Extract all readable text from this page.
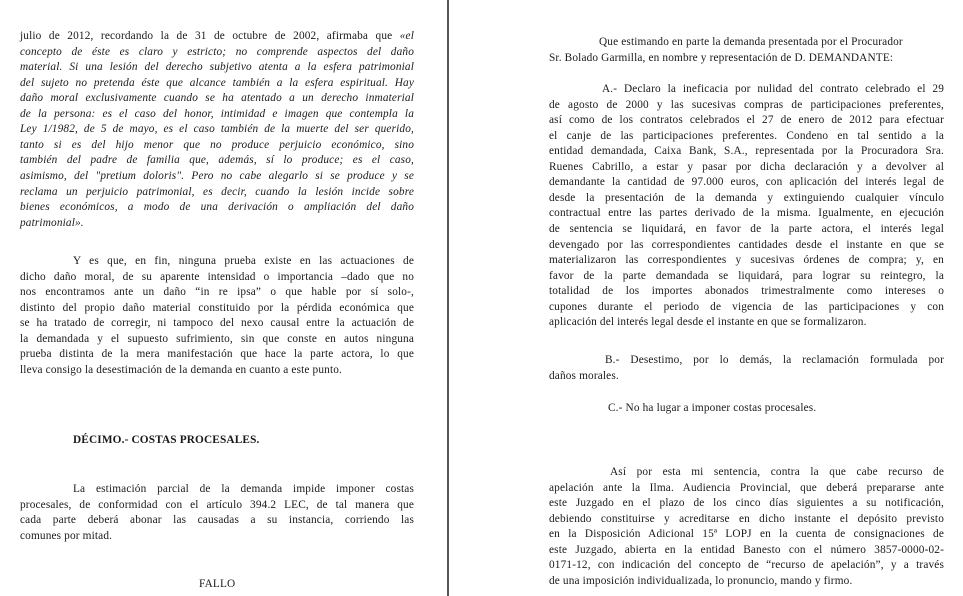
julio de 2012, recordando la de 31 de octubre de 2002, afirmaba que «el
concepto de éste es claro y estricto; no comprende aspectos del daño
material. Si una lesión del derecho subjetivo atenta a la esfera patrimonial
del sujeto no pretenda éste que alcance también a la esfera espiritual. Hay
daño moral exclusivamente cuando se ha atentado a un derecho inmaterial
de la persona: es el caso del honor, intimidad e imagen que contempla la
Ley 1/1982, de 5 de mayo, es el caso también de la muerte del ser querido,
tanto si es del hijo menor que no produce perjuicio económico, sino
también del padre de familia que, además, sí lo produce; es el caso,
asimismo, del "pretium doloris". Pero no cabe alegarlo si se produce y se
reclama un perjuicio patrimonial, es decir, cuando la lesión incide sobre
bienes económicos, a modo de una derivación o ampliación del daño
patrimonial».
Y es que, en fin, ninguna prueba existe en las actuaciones de
dicho daño moral, de su aparente intensidad o importancia –dado que no
nos encontramos ante un daño “in re ipsa” o que hable por sí solo-,
distinto del propio daño material constituido por la pérdida económica que
se ha tratado de corregir, ni tampoco del nexo causal entre la actuación de
la demandada y el supuesto sufrimiento, sin que conste en autos ninguna
prueba distinta de la mera manifestación que hace la parte actora, lo que
lleva consigo la desestimación de la demanda en cuanto a este punto.
DÉCIMO.- COSTAS PROCESALES.
La estimación parcial de la demanda impide imponer costas
procesales, de conformidad con el artículo 394.2 LEC, de tal manera que
cada parte deberá abonar las causadas a su instancia, corriendo las
comunes por mitad.
FALLO
Que estimando en parte la demanda presentada por el Procurador
Sr. Bolado Garmilla, en nombre y representación de D. DEMANDANTE:
A.- Declaro la ineficacia por nulidad del contrato celebrado el 29
de agosto de 2000 y las sucesivas compras de participaciones preferentes,
así como de los contratos celebrados el 27 de enero de 2012 para efectuar
el canje de las participaciones preferentes. Condeno en tal sentido a la
entidad demandada, Caixa Bank, S.A., representada por la Procuradora Sra.
Ruenes Cabrillo, a estar y pasar por dicha declaración y a devolver al
demandante la cantidad de 97.000 euros, con aplicación del interés legal de
desde la presentación de la demanda y extinguiendo cualquier vínculo
contractual entre las partes derivado de la misma. Igualmente, en ejecución
de sentencia se liquidará, en favor de la parte actora, el interés legal
devengado por las correspondientes cantidades desde el instante en que se
materializaron las correspondientes y sucesivas órdenes de compra; y, en
favor de la parte demandada se liquidará, para lograr su reintegro, la
totalidad de los importes abonados trimestralmente como intereses o
cupones durante el periodo de vigencia de las participaciones y con
aplicación del interés legal desde el instante en que se formalizaron.
B.- Desestimo, por lo demás, la reclamación formulada por
daños morales.
C.- No ha lugar a imponer costas procesales.
Así por esta mi sentencia, contra la que cabe recurso de
apelación ante la Ilma. Audiencia Provincial, que deberá prepararse ante
este Juzgado en el plazo de los cinco días siguientes a su notificación,
debiendo constituirse y acreditarse en dicho instante el depósito previsto
en la Disposición Adicional 15ª LOPJ en la cuenta de consignaciones de
este Juzgado, abierta en la entidad Banesto con el número 3857-0000-02-
0171-12, con indicación del concepto de “recurso de apelación”, y a través
de una imposición individualizada, lo pronuncio, mando y firmo.
